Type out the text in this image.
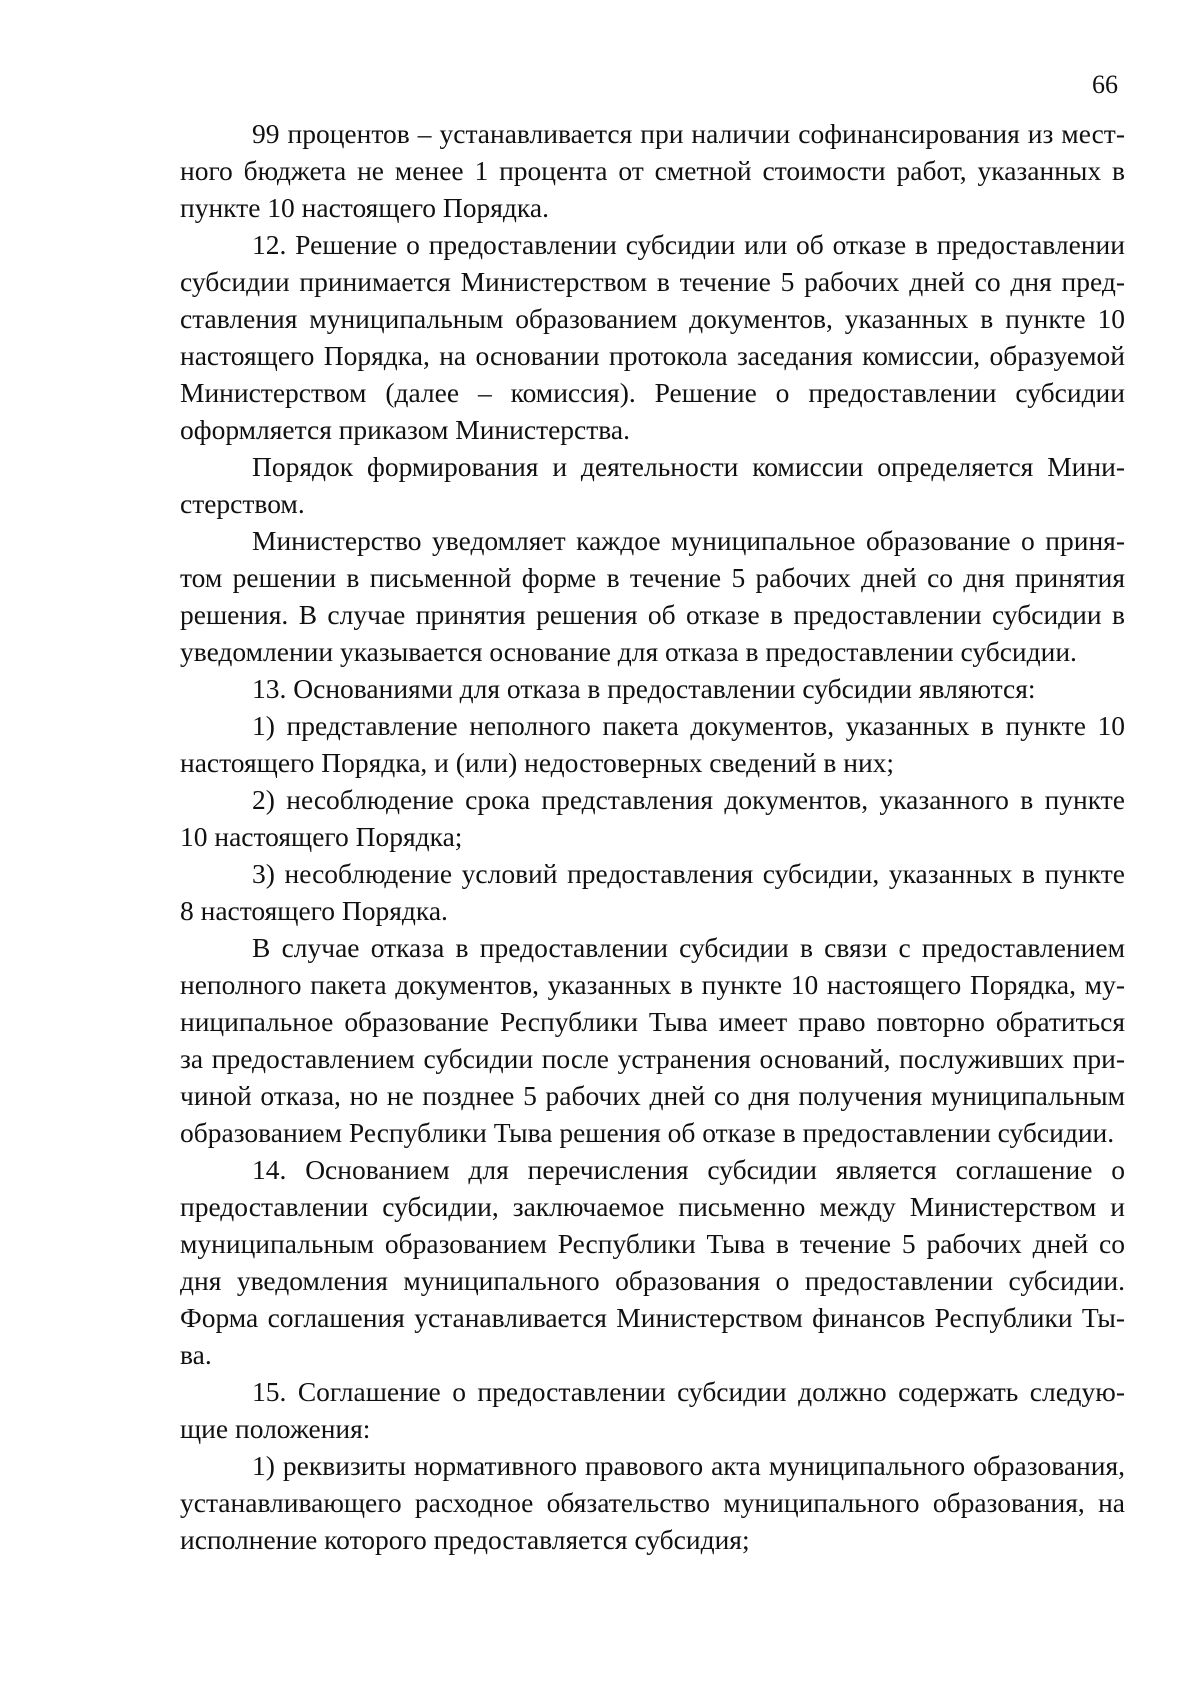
66

99 процентов – устанавливается при наличии софинансирования из местного бюджета не менее 1 процента от сметной стоимости работ, указанных в пункте 10 настоящего Порядка.

12. Решение о предоставлении субсидии или об отказе в предоставлении субсидии принимается Министерством в течение 5 рабочих дней со дня представления муниципальным образованием документов, указанных в пункте 10 настоящего Порядка, на основании протокола заседания комиссии, образуемой Министерством (далее – комиссия). Решение о предоставлении субсидии оформляется приказом Министерства.

Порядок формирования и деятельности комиссии определяется Министерством.

Министерство уведомляет каждое муниципальное образование о принятом решении в письменной форме в течение 5 рабочих дней со дня принятия решения. В случае принятия решения об отказе в предоставлении субсидии в уведомлении указывается основание для отказа в предоставлении субсидии.

13. Основаниями для отказа в предоставлении субсидии являются:

1) представление неполного пакета документов, указанных в пункте 10 настоящего Порядка, и (или) недостоверных сведений в них;

2) несоблюдение срока представления документов, указанного в пункте 10 настоящего Порядка;

3) несоблюдение условий предоставления субсидии, указанных в пункте 8 настоящего Порядка.

В случае отказа в предоставлении субсидии в связи с предоставлением неполного пакета документов, указанных в пункте 10 настоящего Порядка, муниципальное образование Республики Тыва имеет право повторно обратиться за предоставлением субсидии после устранения оснований, послуживших причиной отказа, но не позднее 5 рабочих дней со дня получения муниципальным образованием Республики Тыва решения об отказе в предоставлении субсидии.

14. Основанием для перечисления субсидии является соглашение о предоставлении субсидии, заключаемое письменно между Министерством и муниципальным образованием Республики Тыва в течение 5 рабочих дней со дня уведомления муниципального образования о предоставлении субсидии. Форма соглашения устанавливается Министерством финансов Республики Тыва.

15. Соглашение о предоставлении субсидии должно содержать следующие положения:

1) реквизиты нормативного правового акта муниципального образования, устанавливающего расходное обязательство муниципального образования, на исполнение которого предоставляется субсидия;
